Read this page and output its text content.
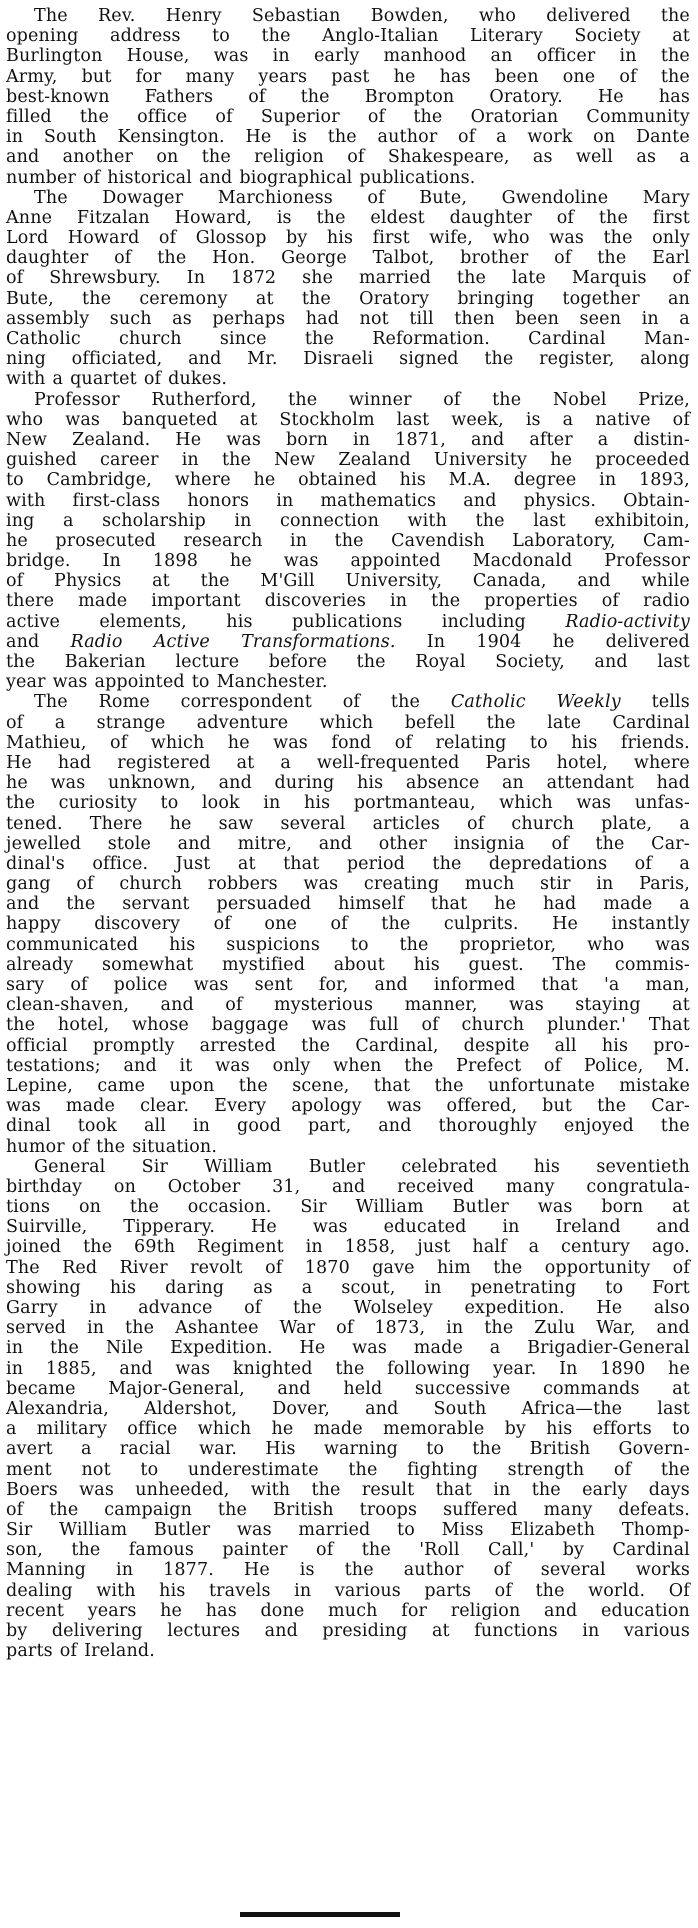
The Rev. Henry Sebastian Bowden, who delivered the
opening address to the Anglo-Italian Literary Society at
Burlington House, was in early manhood an officer in the
Army, but for many years past he has been one of the
best-known Fathers of the Brompton Oratory. He has
filled the office of Superior of the Oratorian Community
in South Kensington. He is the author of a work on Dante
and another on the religion of Shakespeare, as well as a
number of historical and biographical publications.
The Dowager Marchioness of Bute, Gwendoline Mary
Anne Fitzalan Howard, is the eldest daughter of the first
Lord Howard of Glossop by his first wife, who was the only
daughter of the Hon. George Talbot, brother of the Earl
of Shrewsbury. In 1872 she married the late Marquis of
Bute, the ceremony at the Oratory bringing together an
assembly such as perhaps had not till then been seen in a
Catholic church since the Reformation. Cardinal Man-
ning officiated, and Mr. Disraeli signed the register, along
with a quartet of dukes.
Professor Rutherford, the winner of the Nobel Prize,
who was banqueted at Stockholm last week, is a native of
New Zealand. He was born in 1871, and after a distin-
guished career in the New Zealand University he proceeded
to Cambridge, where he obtained his M.A. degree in 1893,
with first-class honors in mathematics and physics. Obtain-
ing a scholarship in connection with the last exhibitoin,
he prosecuted research in the Cavendish Laboratory, Cam-
bridge. In 1898 he was appointed Macdonald Professor
of Physics at the M'Gill University, Canada, and while
there made important discoveries in the properties of radio
active elements, his publications including Radio-activity
and Radio Active Transformations. In 1904 he delivered
the Bakerian lecture before the Royal Society, and last
year was appointed to Manchester.
The Rome correspondent of the Catholic Weekly tells
of a strange adventure which befell the late Cardinal
Mathieu, of which he was fond of relating to his friends.
He had registered at a well-frequented Paris hotel, where
he was unknown, and during his absence an attendant had
the curiosity to look in his portmanteau, which was unfas-
tened. There he saw several articles of church plate, a
jewelled stole and mitre, and other insignia of the Car-
dinal's office. Just at that period the depredations of a
gang of church robbers was creating much stir in Paris,
and the servant persuaded himself that he had made a
happy discovery of one of the culprits. He instantly
communicated his suspicions to the proprietor, who was
already somewhat mystified about his guest. The commis-
sary of police was sent for, and informed that 'a man,
clean-shaven, and of mysterious manner, was staying at
the hotel, whose baggage was full of church plunder.' That
official promptly arrested the Cardinal, despite all his pro-
testations; and it was only when the Prefect of Police, M.
Lepine, came upon the scene, that the unfortunate mistake
was made clear. Every apology was offered, but the Car-
dinal took all in good part, and thoroughly enjoyed the
humor of the situation.
General Sir William Butler celebrated his seventieth
birthday on October 31, and received many congratula-
tions on the occasion. Sir William Butler was born at
Suirville, Tipperary. He was educated in Ireland and
joined the 69th Regiment in 1858, just half a century ago.
The Red River revolt of 1870 gave him the opportunity of
showing his daring as a scout, in penetrating to Fort
Garry in advance of the Wolseley expedition. He also
served in the Ashantee War of 1873, in the Zulu War, and
in the Nile Expedition. He was made a Brigadier-General
in 1885, and was knighted the following year. In 1890 he
became Major-General, and held successive commands at
Alexandria, Aldershot, Dover, and South Africa—the last
a military office which he made memorable by his efforts to
avert a racial war. His warning to the British Govern-
ment not to underestimate the fighting strength of the
Boers was unheeded, with the result that in the early days
of the campaign the British troops suffered many defeats.
Sir William Butler was married to Miss Elizabeth Thomp-
son, the famous painter of the 'Roll Call,' by Cardinal
Manning in 1877. He is the author of several works
dealing with his travels in various parts of the world. Of
recent years he has done much for religion and education
by delivering lectures and presiding at functions in various
parts of Ireland.
